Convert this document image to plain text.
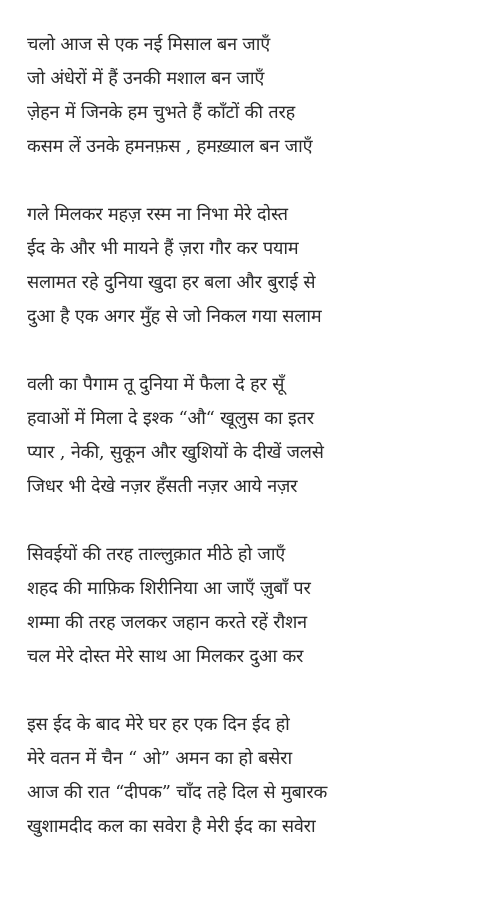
चलो आज से एक नई मिसाल बन जाएँ
जो अंधेरों में हैं उनकी मशाल बन जाएँ
ज़ेहन में जिनके हम चुभते हैं काँटों की तरह
कसम लें उनके हमनफ़स , हमख़्याल बन जाएँ
गले मिलकर महज़ रस्म ना निभा मेरे दोस्त
ईद के और भी मायने हैं ज़रा गौर कर पयाम
सलामत रहे दुनिया खुदा हर बला और बुराई से
दुआ है एक अगर मुँह से जो निकल गया सलाम
वली का पैगाम तू दुनिया में फैला दे हर सूँ
हवाओं में मिला दे इश्क “औ“ खूलुस का इतर
प्यार , नेकी, सुकून और खुशियों के दीखें जलसे
जिधर भी देखे नज़र हँसती नज़र आये नज़र
सिवईयों की तरह ताल्लुक़ात मीठे हो जाएँ
शहद की माफ़िक शिरीनिया आ जाएँ ज़ुबाँ पर
शम्मा की तरह जलकर जहान करते रहें रौशन
चल मेरे दोस्त मेरे साथ आ मिलकर दुआ कर
इस ईद के बाद मेरे घर हर एक दिन ईद हो
मेरे वतन में चैन “ ओ” अमन का हो बसेरा
आज की रात “दीपक” चाँद तहे दिल से मुबारक
खुशामदीद कल का सवेरा है मेरी ईद का सवेरा
